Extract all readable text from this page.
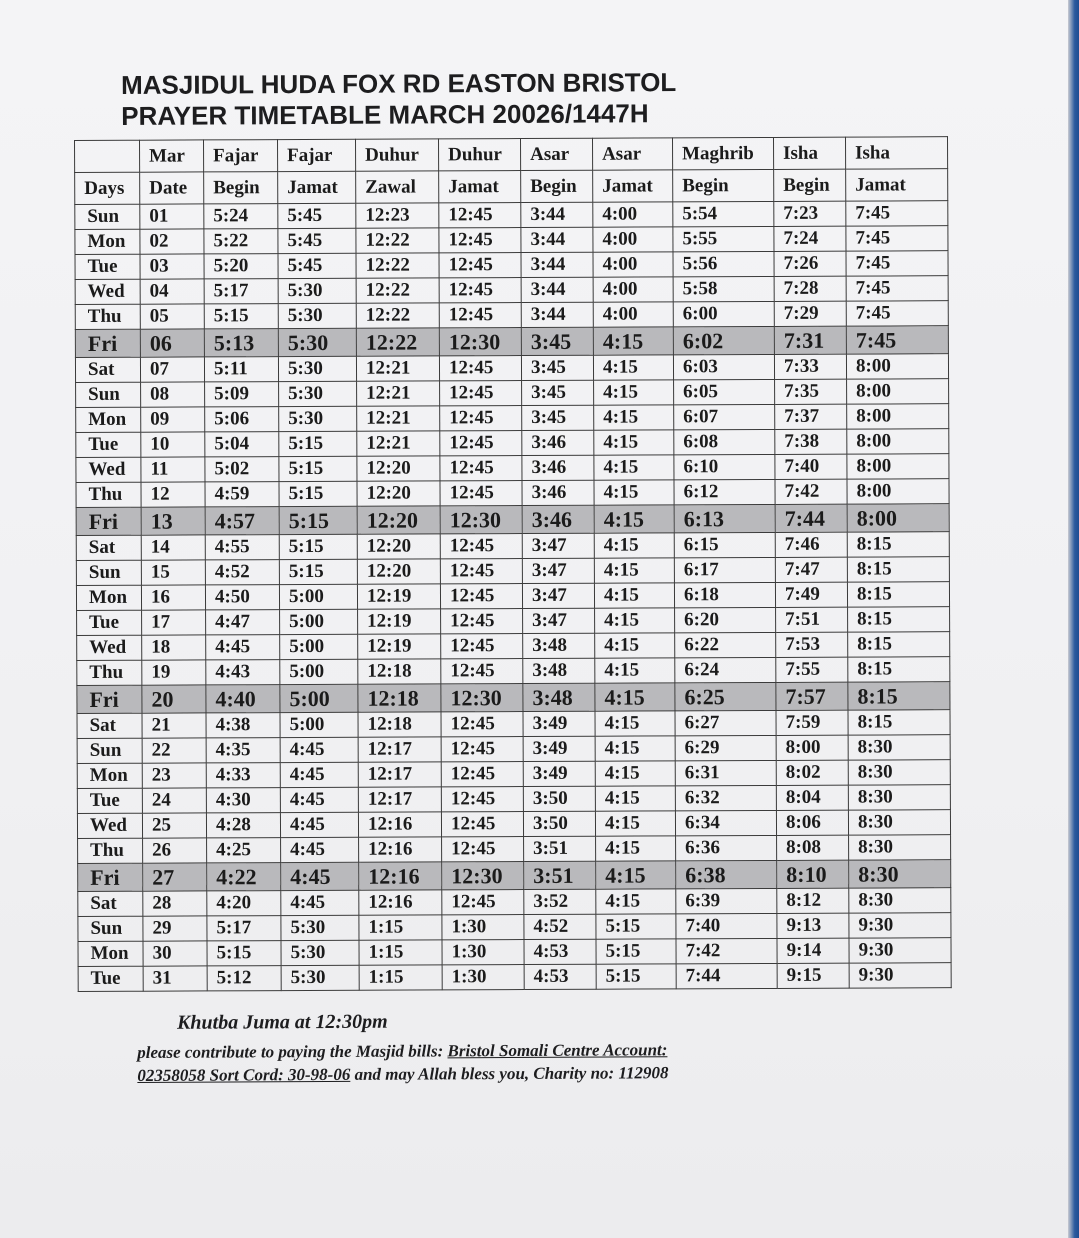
MASJIDUL HUDA FOX RD EASTON BRISTOL
PRAYER TIMETABLE MARCH 20026/1447H
	Mar	Fajar	Fajar	Duhur	Duhur	Asar	Asar	Maghrib	Isha	Isha
Days	Date	Begin	Jamat	Zawal	Jamat	Begin	Jamat	Begin	Begin	Jamat
Sun	01	5:24	5:45	12:23	12:45	3:44	4:00	5:54	7:23	7:45
Mon	02	5:22	5:45	12:22	12:45	3:44	4:00	5:55	7:24	7:45
Tue	03	5:20	5:45	12:22	12:45	3:44	4:00	5:56	7:26	7:45
Wed	04	5:17	5:30	12:22	12:45	3:44	4:00	5:58	7:28	7:45
Thu	05	5:15	5:30	12:22	12:45	3:44	4:00	6:00	7:29	7:45
Fri	06	5:13	5:30	12:22	12:30	3:45	4:15	6:02	7:31	7:45
Sat	07	5:11	5:30	12:21	12:45	3:45	4:15	6:03	7:33	8:00
Sun	08	5:09	5:30	12:21	12:45	3:45	4:15	6:05	7:35	8:00
Mon	09	5:06	5:30	12:21	12:45	3:45	4:15	6:07	7:37	8:00
Tue	10	5:04	5:15	12:21	12:45	3:46	4:15	6:08	7:38	8:00
Wed	11	5:02	5:15	12:20	12:45	3:46	4:15	6:10	7:40	8:00
Thu	12	4:59	5:15	12:20	12:45	3:46	4:15	6:12	7:42	8:00
Fri	13	4:57	5:15	12:20	12:30	3:46	4:15	6:13	7:44	8:00
Sat	14	4:55	5:15	12:20	12:45	3:47	4:15	6:15	7:46	8:15
Sun	15	4:52	5:15	12:20	12:45	3:47	4:15	6:17	7:47	8:15
Mon	16	4:50	5:00	12:19	12:45	3:47	4:15	6:18	7:49	8:15
Tue	17	4:47	5:00	12:19	12:45	3:47	4:15	6:20	7:51	8:15
Wed	18	4:45	5:00	12:19	12:45	3:48	4:15	6:22	7:53	8:15
Thu	19	4:43	5:00	12:18	12:45	3:48	4:15	6:24	7:55	8:15
Fri	20	4:40	5:00	12:18	12:30	3:48	4:15	6:25	7:57	8:15
Sat	21	4:38	5:00	12:18	12:45	3:49	4:15	6:27	7:59	8:15
Sun	22	4:35	4:45	12:17	12:45	3:49	4:15	6:29	8:00	8:30
Mon	23	4:33	4:45	12:17	12:45	3:49	4:15	6:31	8:02	8:30
Tue	24	4:30	4:45	12:17	12:45	3:50	4:15	6:32	8:04	8:30
Wed	25	4:28	4:45	12:16	12:45	3:50	4:15	6:34	8:06	8:30
Thu	26	4:25	4:45	12:16	12:45	3:51	4:15	6:36	8:08	8:30
Fri	27	4:22	4:45	12:16	12:30	3:51	4:15	6:38	8:10	8:30
Sat	28	4:20	4:45	12:16	12:45	3:52	4:15	6:39	8:12	8:30
Sun	29	5:17	5:30	1:15	1:30	4:52	5:15	7:40	9:13	9:30
Mon	30	5:15	5:30	1:15	1:30	4:53	5:15	7:42	9:14	9:30
Tue	31	5:12	5:30	1:15	1:30	4:53	5:15	7:44	9:15	9:30
Khutba Juma at 12:30pm
please contribute to paying the Masjid bills: Bristol Somali Centre Account:
02358058 Sort Cord: 30-98-06 and may Allah bless you, Charity no: 112908
